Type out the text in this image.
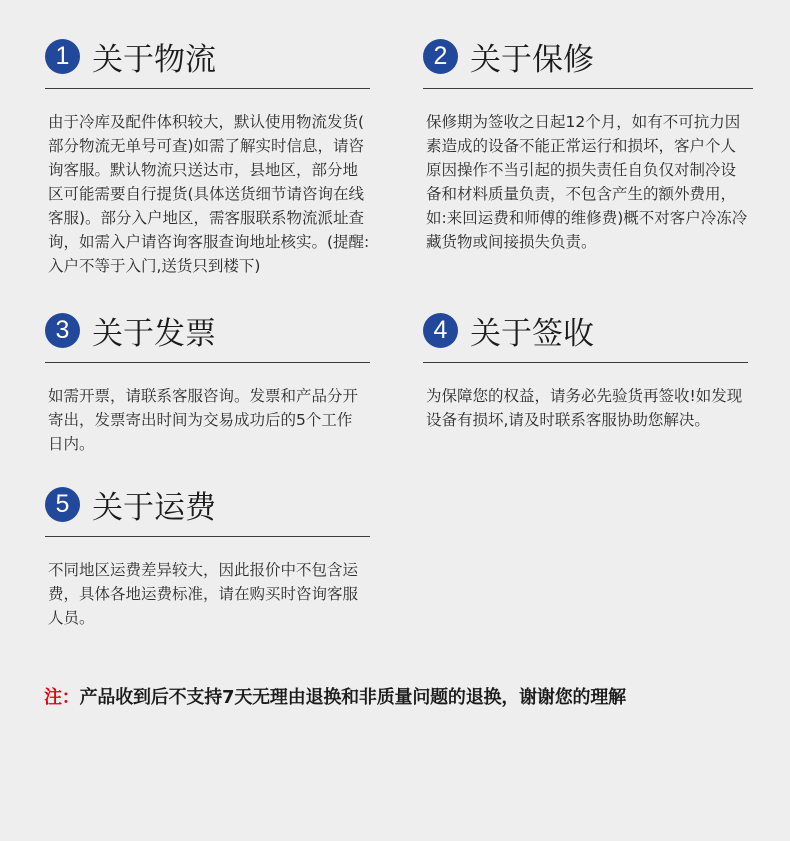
1 关于物流
由于冷库及配件体积较大，默认使用物流发货(
部分物流无单号可查)如需了解实时信息，请咨
询客服。默认物流只送达市，县地区，部分地
区可能需要自行提货(具体送货细节请咨询在线
客服)。部分入户地区，需客服联系物流派址查
询，如需入户请咨询客服查询地址核实。(提醒:
入户不等于入门,送货只到楼下)
2 关于保修
保修期为签收之日起12个月，如有不可抗力因
素造成的设备不能正常运行和损坏，客户个人
原因操作不当引起的损失责任自负仅对制冷设
备和材料质量负责，不包含产生的额外费用，
如:来回运费和师傅的维修费)概不对客户冷冻冷
藏货物或间接损失负责。
3 关于发票
如需开票，请联系客服咨询。发票和产品分开
寄出，发票寄出时间为交易成功后的5个工作
日内。
4 关于签收
为保障您的权益，请务必先验货再签收!如发现
设备有损坏,请及时联系客服协助您解决。
5 关于运费
不同地区运费差异较大，因此报价中不包含运
费，具体各地运费标准，请在购买时咨询客服
人员。
注：产品收到后不支持7天无理由退换和非质量问题的退换，谢谢您的理解
